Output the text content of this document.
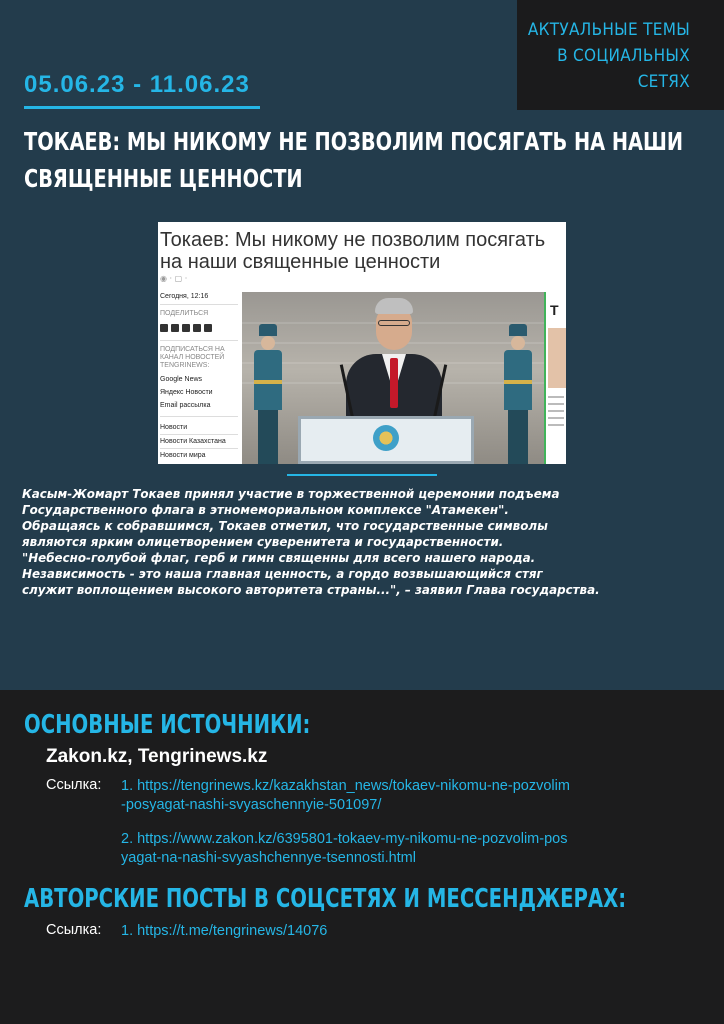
АКТУАЛЬНЫЕ ТЕМЫ
В СОЦИАЛЬНЫХ
СЕТЯХ
05.06.23 - 11.06.23
ТОКАЕВ: МЫ НИКОМУ НЕ ПОЗВОЛИМ ПОСЯГАТЬ НА НАШИ
СВЯЩЕННЫЕ ЦЕННОСТИ
Токаев: Мы никому не позволим посягать
на наши священные ценности
◉ · ▢ ·
Сегодня, 12:16
ПОДЕЛИТЬСЯ
ПОДПИСАТЬСЯ НА
КАНАЛ НОВОСТЕЙ
TENGRINEWS:
Google News
Яндекс Новости
Email рассылка
Новости
Новости Казахстана
Новости мира
Т
Касым-Жомарт Токаев принял участие в торжественной церемонии подъема
Государственного флага в этномемориальном комплексе "Атамекен".
Обращаясь к собравшимся, Токаев отметил, что государственные символы
являются ярким олицетворением суверенитета и государственности.
"Небесно-голубой флаг, герб и гимн священны для всего нашего народа.
Независимость - это наша главная ценность, а гордо возвышающийся стяг
служит воплощением высокого авторитета страны...", – заявил Глава государства.
ОСНОВНЫЕ ИСТОЧНИКИ:
Zakon.kz, Tengrinews.kz
Ссылка: 1. https://tengrinews.kz/kazakhstan_news/tokaev-nikomu-ne-pozvolim
-posyagat-nashi-svyaschennyie-501097/
2. https://www.zakon.kz/6395801-tokaev-my-nikomu-ne-pozvolim-pos
yagat-na-nashi-svyashchennye-tsennosti.html
АВТОРСКИЕ ПОСТЫ В СОЦСЕТЯХ И МЕССЕНДЖЕРАХ:
Ссылка: 1. https://t.me/tengrinews/14076
